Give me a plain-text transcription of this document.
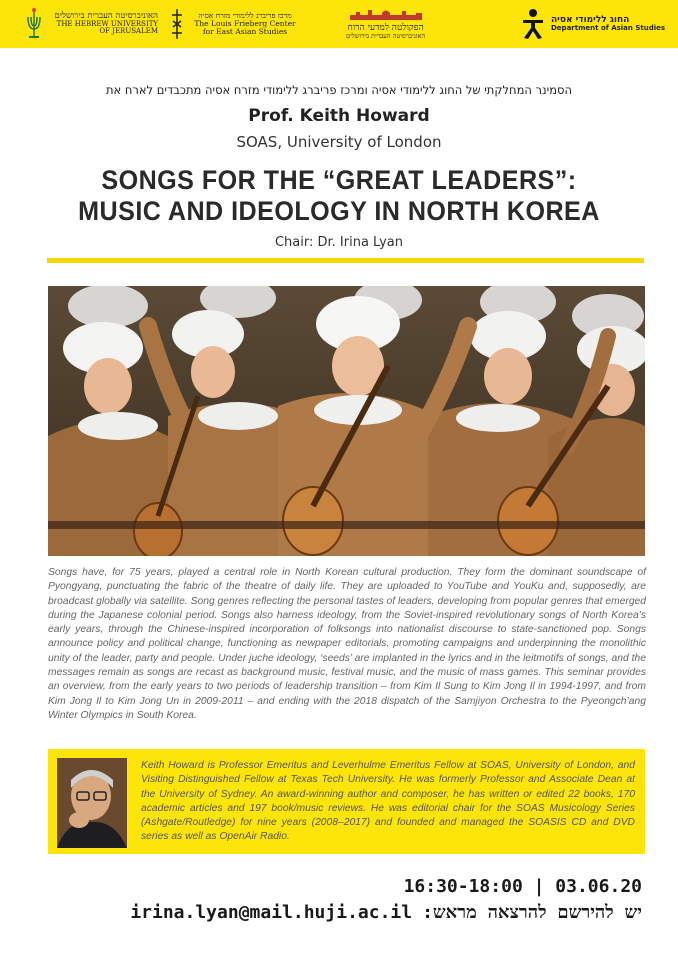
האוניברסיטה העברית בירושלים
THE HEBREW UNIVERSITY OF JERUSALEM
מרכז פריברג ללימודי מזרח אסיה
The Louis Frieberg Center for East Asian Studies	הפקולטה למדעי הרוח
האוניברסיטה העברית בירושלים
החוג ללימודי אסיה
Department of Asian Studies
הסמינר המחלקתי של החוג ללימודי אסיה ומרכז פריברג ללימודי מזרח אסיה מתכבדים לארח את
Prof. Keith Howard
SOAS, University of London
SONGS FOR THE “GREAT LEADERS”: MUSIC AND IDEOLOGY IN NORTH KOREA
Chair: Dr. Irina Lyan
Songs have, for 75 years, played a central role in North Korean cultural production. They form the dominant soundscape of Pyongyang, punctuating the fabric of the theatre of daily life. They are uploaded to YouTube and YouKu and, supposedly, are broadcast globally via satellite. Song genres reflecting the personal tastes of leaders, developing from popular genres that emerged during the Japanese colonial period. Songs also harness ideology, from the Soviet-inspired revolutionary songs of North Korea’s early years, through the Chinese-inspired incorporation of folksongs into nationalist discourse to state-sanctioned pop. Songs announce policy and political change, functioning as newpaper editorials, promoting campaigns and underpinning the monolithic unity of the leader, party and people. Under juche ideology, ‘seeds’ are implanted in the lyrics and in the leitmotifs of songs, and the messages remain as songs are recast as background music, festival music, and the music of mass games. This seminar provides an overview, from the early years to two periods of leadership transition – from Kim Il Sung to Kim Jong Il in 1994-1997, and from Kim Jong Il to Kim Jong Un in 2009-2011 – and ending with the 2018 dispatch of the Samjiyon Orchestra to the Pyeongch’ang Winter Olympics in South Korea.
Keith Howard is Professor Emeritus and Leverhulme Emeritus Fellow at SOAS, University of London, and Visiting Distinguished Fellow at Texas Tech University. He was formerly Professor and Associate Dean at the University of Sydney. An award-winning author and composer, he has written or edited 22 books, 170 academic articles and 197 book/music reviews. He was editorial chair for the SOAS Musicology Series (Ashgate/Routledge) for nine years (2008–2017) and founded and managed the SOASIS CD and DVD series as well as OpenAir Radio.
16:30-18:00 | 03.06.20
irina.lyan@mail.huji.ac.il יש להירשם להרצאה מראש:
